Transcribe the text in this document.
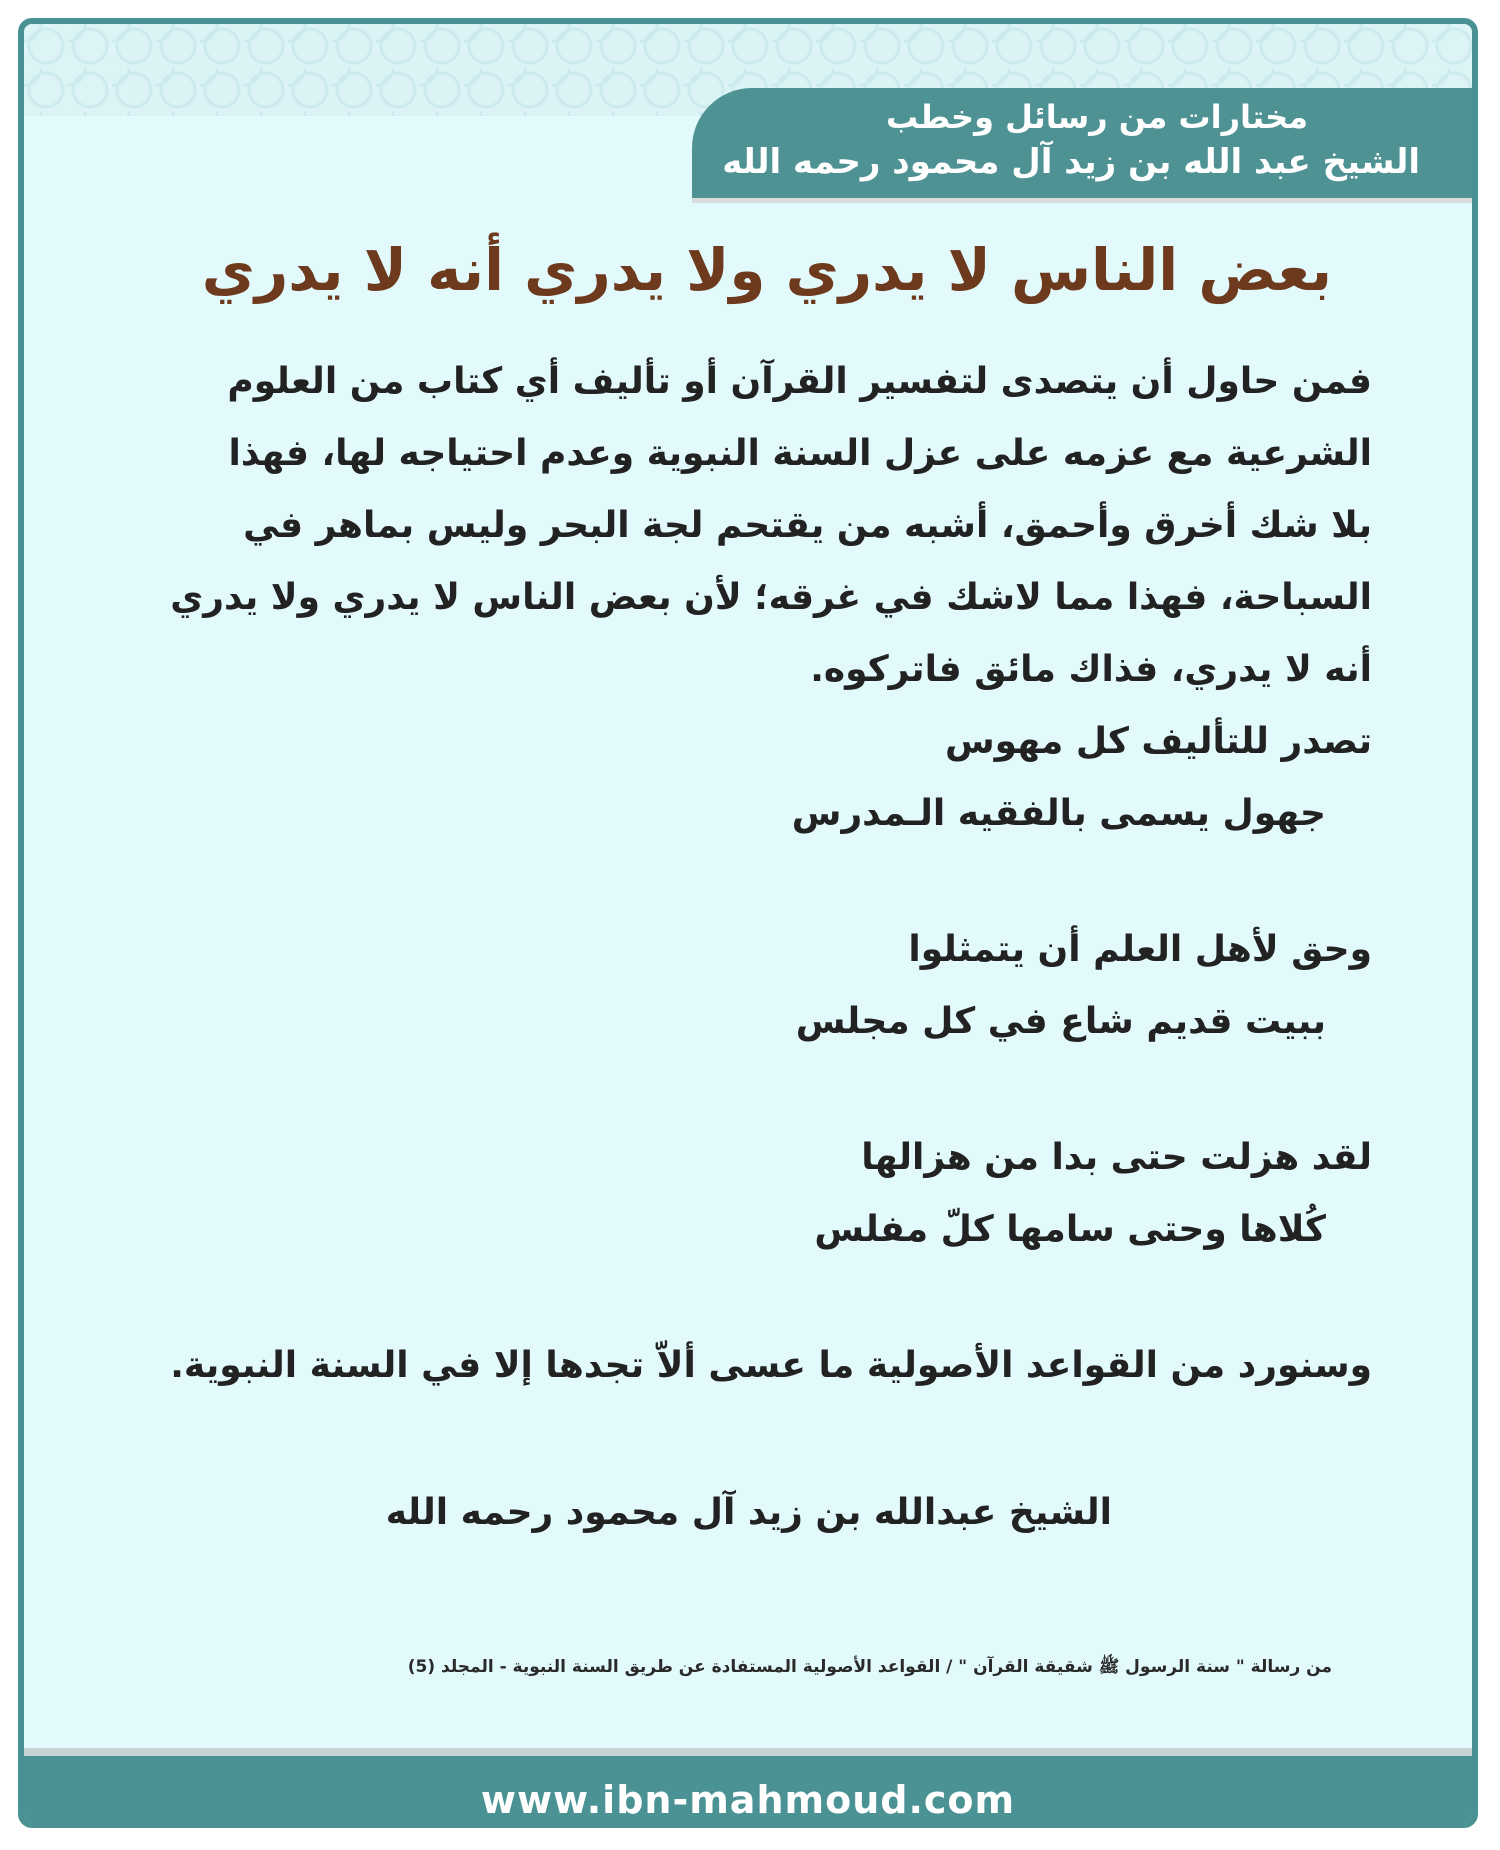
مختارات من رسائل وخطب
الشيخ عبد الله بن زيد آل محمود رحمه الله
بعض الناس لا يدري ولا يدري أنه لا يدري
فمن حاول أن يتصدى لتفسير القرآن أو تأليف أي كتاب من العلوم
الشرعية مع عزمه على عزل السنة النبوية وعدم احتياجه لها، فهذا
بلا شك أخرق وأحمق، أشبه من يقتحم لجة البحر وليس بماهر في
السباحة، فهذا مما لاشك في غرقه؛ لأن بعض الناس لا يدري ولا يدري
أنه لا يدري، فذاك مائق فاتركوه.
تصدر للتأليف كل مهوس
جهول يسمى بالفقيه الـمدرس
وحق لأهل العلم أن يتمثلوا
ببيت قديم شاع في كل مجلس
لقد هزلت حتى بدا من هزالها
كُلاها وحتى سامها كلّ مفلس
وسنورد من القواعد الأصولية ما عسى ألاّ تجدها إلا في السنة النبوية.
الشيخ عبدالله بن زيد آل محمود رحمه الله
من رسالة " سنة الرسول ﷺ شقيقة القرآن " / القواعد الأصولية المستفادة عن طريق السنة النبوية - المجلد (5)
www.ibn-mahmoud.com
